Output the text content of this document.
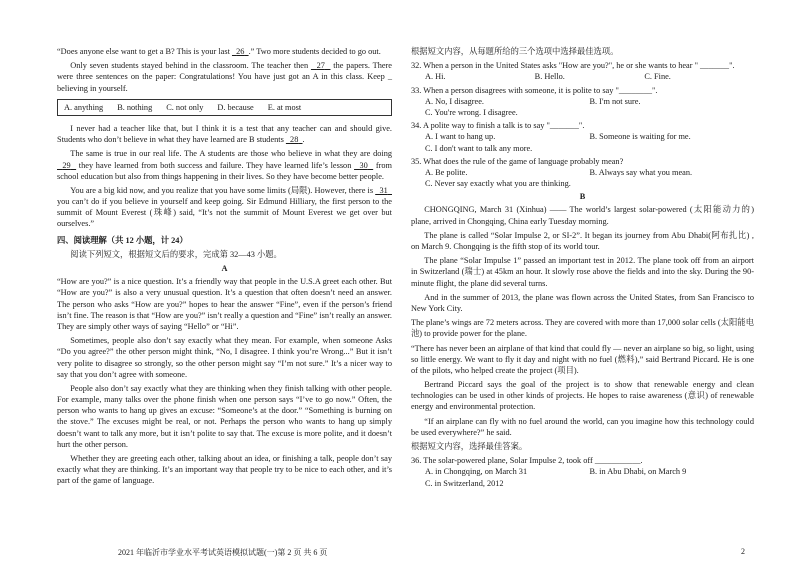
“Does anyone else want to get a B? This is your last   26 .” Two more students decided to go out.

Only seven students stayed behind in the classroom. The teacher then   27   the papers. There were three sentences on the paper: Congratulations! You have just got an A in this class. Keep _ believing in yourself.

A. anything B. nothing C. not only D. because E. at most

I never had a teacher like that, but I think it is a test that any teacher can and should give. Students who don’t believe in what they have learned are B students   28 .

The same is true in our real life. The A students are those who believe in what they are doing   29   they have learned from both success and failure. They have learned life’s lesson   30   from school education but also from things happening in their lives. So they have become better people.

You are a big kid now, and you realize that you have some limits (局限). However, there is   31   you can’t do if you believe in yourself and keep going. Sir Edmund Hilliary, the first person to the summit of Mount Everest (珠峰) said, “It’s not the summit of Mount Everest we get over but ourselves.”

四、阅读理解（共 12 小题，计 24）

阅读下列短文，根据短文后的要求，完成第 32—43 小题。

A

“How are you?” is a nice question. It’s a friendly way that people in the U.S.A greet each other. But “How are you?” is also a very unusual question. It’s a question that often doesn’t need an answer. The person who asks “How are you?” hopes to hear the answer “Fine”, even if the person’s friend isn’t fine. The reason is that “How are you?” isn’t really a question and “Fine” isn’t really an answer. They are simply other ways of saying “Hello” or “Hi”.

Sometimes, people also don’t say exactly what they mean. For example, when someone Asks “Do you agree?” the other person might think, “No, I disagree. I think you’re Wrong...” But it isn’t very polite to disagree so strongly, so the other person might say “I’m not sure.” It’s a nicer way to say that you don’t agree with someone.

People also don’t say exactly what they are thinking when they finish talking with other people. For example, many talks over the phone finish when one person says “I’ve to go now.” Often, the person who wants to hang up gives an excuse: “Someone’s at the door.” “Something is burning on the stove.” The excuses might be real, or not. Perhaps the person who wants to hang up simply doesn’t want to talk any more, but it isn’t polite to say that. The excuse is more polite, and it doesn’t hurt the other person.

Whether they are greeting each other, talking about an idea, or finishing a talk, people don’t say exactly what they are thinking. It’s an important way that people try to be nice to each other, and it’s part of the game of language.

根据短文内容，从每题所给的三个选项中选择最佳选项。

32. When a person in the United States asks "How are you?", he or she wants to hear " _______".

A. Hi.	B. Hello.	C. Fine.

33. When a person disagrees with someone, it is polite to say "________".

A. No, I disagree.	B. I'm not sure.
C. You're wrong. I disagree.

34. A polite way to finish a talk is to say "_______".

A. I want to hang up.	B. Someone is waiting for me.
C. I don't want to talk any more.

35. What does the rule of the game of language probably mean?

A. Be polite.	B. Always say what you mean.
C. Never say exactly what you are thinking.

B

CHONGQING, March 31 (Xinhua) —— The world’s largest solar-powered (太阳能动力的) plane, arrived in Chongqing, China early Tuesday morning.

The plane is called “Solar Impulse 2, or SI-2”. It began its journey from Abu Dhabi(阿布扎比) , on March 9. Chongqing is the fifth stop of its world tour.

The plane “Solar Impulse 1” passed an important test in 2012. The plane took off from an airport in Switzerland (瑞士) at 45km an hour. It slowly rose above the fields and into the sky. During the 90-minute flight, the plane did several turns.

And in the summer of 2013, the plane was flown across the United States, from San Francisco to New York City.

The plane’s wings are 72 meters across. They are covered with more than 17,000 solar cells (太阳能电池) to provide power for the plane.

“There has never been an airplane of that kind that could fly — never an airplane so big, so light, using so little energy. We want to fly it day and night with no fuel (燃料),” said Bertrand Piccard. He is one of the pilots, who helped create the project (项目).

Bertrand Piccard says the goal of the project is to show that renewable energy and clean technologies can be used in other kinds of projects. He hopes to raise awareness (意识) of renewable energy and environmental protection.

“If an airplane can fly with no fuel around the world, can you imagine how this technology could be used everywhere?” he said.

根据短文内容，选择最佳答案。

36. The solar-powered plane, Solar Impulse 2, took off ___________.

A. in Chongqing, on March 31	B. in Abu Dhabi, on March 9
C. in Switzerland, 2012
2021 年临沂市学业水平考试英语模拟试题(一)第 2 页 共 6 页	2
